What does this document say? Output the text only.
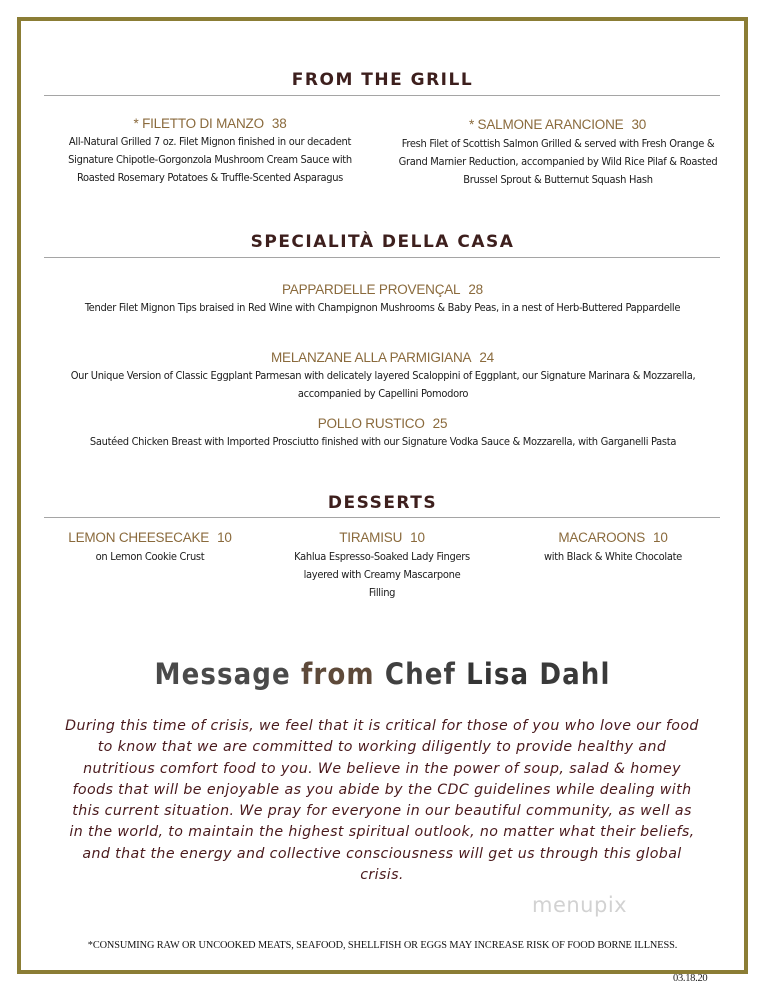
FROM THE GRILL
* FILETTO DI MANZO 38
All-Natural Grilled 7 oz. Filet Mignon finished in our decadent Signature Chipotle-Gorgonzola Mushroom Cream Sauce with Roasted Rosemary Potatoes & Truffle-Scented Asparagus
* SALMONE ARANCIONE 30
Fresh Filet of Scottish Salmon Grilled & served with Fresh Orange & Grand Marnier Reduction, accompanied by Wild Rice Pilaf & Roasted Brussel Sprout & Butternut Squash Hash
SPECIALITÀ DELLA CASA
PAPPARDELLE PROVENÇAL 28
Tender Filet Mignon Tips braised in Red Wine with Champignon Mushrooms & Baby Peas, in a nest of Herb-Buttered Pappardelle
MELANZANE ALLA PARMIGIANA 24
Our Unique Version of Classic Eggplant Parmesan with delicately layered Scaloppini of Eggplant, our Signature Marinara & Mozzarella, accompanied by Capellini Pomodoro
POLLO RUSTICO 25
Sautéed Chicken Breast with Imported Prosciutto finished with our Signature Vodka Sauce & Mozzarella, with Garganelli Pasta
DESSERTS
LEMON CHEESECAKE 10
on Lemon Cookie Crust
TIRAMISU 10
Kahlua Espresso-Soaked Lady Fingers layered with Creamy Mascarpone Filling
MACAROONS 10
with Black & White Chocolate
Message from Chef Lisa Dahl
During this time of crisis, we feel that it is critical for those of you who love our food to know that we are committed to working diligently to provide healthy and nutritious comfort food to you. We believe in the power of soup, salad & homey foods that will be enjoyable as you abide by the CDC guidelines while dealing with this current situation. We pray for everyone in our beautiful community, as well as in the world, to maintain the highest spiritual outlook, no matter what their beliefs, and that the energy and collective consciousness will get us through this global crisis.
menupix
*CONSUMING RAW OR UNCOOKED MEATS, SEAFOOD, SHELLFISH OR EGGS MAY INCREASE RISK OF FOOD BORNE ILLNESS.
03.18.20
